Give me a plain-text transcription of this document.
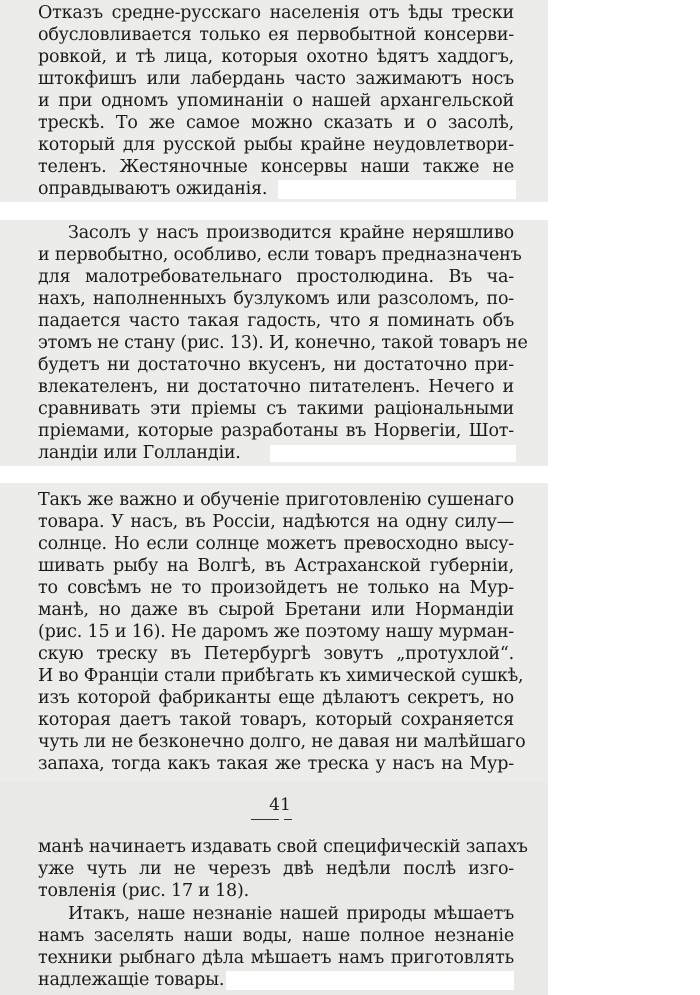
Отказъ средне-русскаго населенія отъ ѣды трески
обусловливается только ея первобытной консерви-
ровкой, и тѣ лица, которыя охотно ѣдятъ хаддогъ,
штокфишъ или лабердань часто зажимаютъ носъ
и при одномъ упоминаніи о нашей архангельской
трескѣ. То же самое можно сказать и о засолѣ,
который для русской рыбы крайне неудовлетвори-
теленъ. Жестяночные консервы наши также не
оправдываютъ ожиданія.
Засолъ у насъ производится крайне неряшливо
и первобытно, особливо, если товаръ предназначенъ
для малотребовательнаго простолюдина. Въ ча-
нахъ, наполненныхъ бузлукомъ или разсоломъ, по-
падается часто такая гадость, что я поминать объ
этомъ не стану (рис. 13). И, конечно, такой товаръ не
будетъ ни достаточно вкусенъ, ни достаточно при-
влекателенъ, ни достаточно питателенъ. Нечего и
сравнивать эти пріемы съ такими раціональными
пріемами, которые разработаны въ Норвегіи, Шот-
ландіи или Голландіи.
Такъ же важно и обученіе приготовленію сушенаго
товара. У насъ, въ Россіи, надѣются на одну силу—
солнце. Но если солнце можетъ превосходно высу-
шивать рыбу на Волгѣ, въ Астраханской губерніи,
то совсѣмъ не то произойдетъ не только на Мур-
манѣ, но даже въ сырой Бретани или Нормандіи
(рис. 15 и 16). Не даромъ же поэтому нашу мурман-
скую треску въ Петербургѣ зовутъ „протухлой“.
И во Франціи стали прибѣгать къ химической сушкѣ,
изъ которой фабриканты еще дѣлаютъ секретъ, но
которая даетъ такой товаръ, который сохраняется
чуть ли не безконечно долго, не давая ни малѣйшаго
запаха, тогда какъ такая же треска у насъ на Мур-
41
манѣ начинаетъ издавать свой специфическій запахъ
уже чуть ли не черезъ двѣ недѣли послѣ изго-
товленія (рис. 17 и 18).
Итакъ, наше незнаніе нашей природы мѣшаетъ
намъ заселять наши воды, наше полное незнаніе
техники рыбнаго дѣла мѣшаетъ намъ приготовлять
надлежащіе товары.
